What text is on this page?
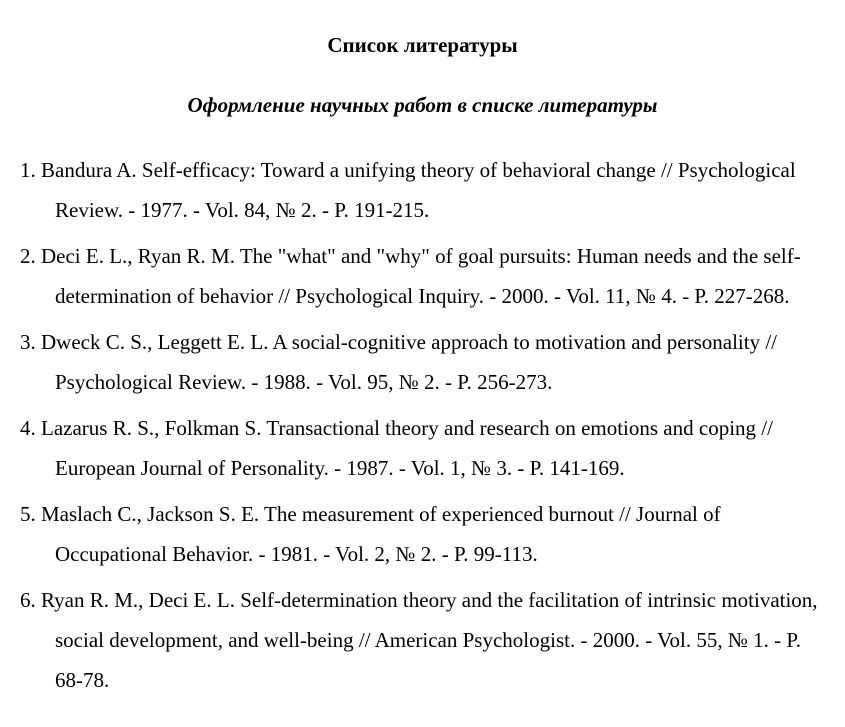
Список литературы
Оформление научных работ в списке литературы
1. Bandura A. Self-efficacy: Toward a unifying theory of behavioral change // Psychological Review. - 1977. - Vol. 84, № 2. - P. 191-215.
2. Deci E. L., Ryan R. M. The "what" and "why" of goal pursuits: Human needs and the self-determination of behavior // Psychological Inquiry. - 2000. - Vol. 11, № 4. - P. 227-268.
3. Dweck C. S., Leggett E. L. A social-cognitive approach to motivation and personality // Psychological Review. - 1988. - Vol. 95, № 2. - P. 256-273.
4. Lazarus R. S., Folkman S. Transactional theory and research on emotions and coping // European Journal of Personality. - 1987. - Vol. 1, № 3. - P. 141-169.
5. Maslach C., Jackson S. E. The measurement of experienced burnout // Journal of Occupational Behavior. - 1981. - Vol. 2, № 2. - P. 99-113.
6. Ryan R. M., Deci E. L. Self-determination theory and the facilitation of intrinsic motivation, social development, and well-being // American Psychologist. - 2000. - Vol. 55, № 1. - P. 68-78.
